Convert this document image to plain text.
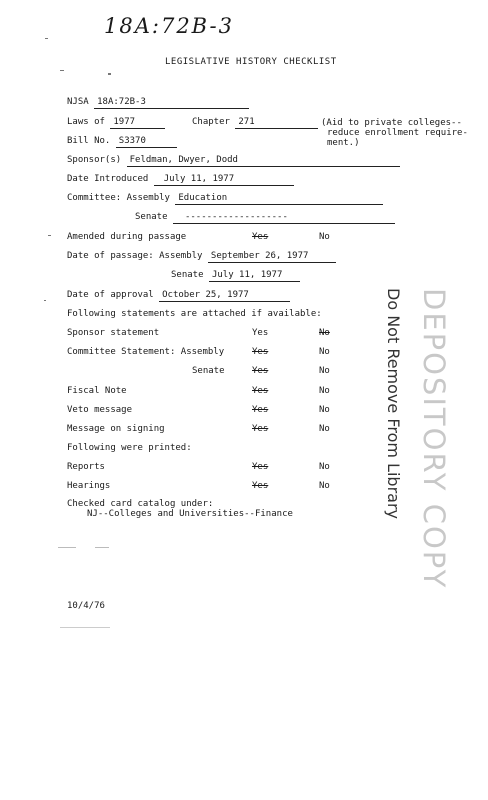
18A:72B-3
LEGISLATIVE HISTORY CHECKLIST
NJSA 18A:72B-3
Laws of 1977	Chapter 271	(Aid to private colleges--
reduce enrollment require-
ment.)
Bill No. S3370
Sponsor(s) Feldman, Dwyer, Dodd
Date Introduced July 11, 1977
Committee: Assembly Education
Senate -------------------
Amended during passage	Yes	No
Date of passage: Assembly September 26, 1977
Senate July 11, 1977
Date of approval October 25, 1977
Following statements are attached if available:
Sponsor statement	Yes	No
Committee Statement: Assembly	Yes	No
Senate	Yes	No
Fiscal Note	Yes	No
Veto message	Yes	No
Message on signing	Yes	No
Following were printed:
Reports	Yes	No
Hearings	Yes	No
Checked card catalog under:
NJ--Colleges and Universities--Finance
10/4/76
DEPOSITORY COPY
Do Not Remove From Library
